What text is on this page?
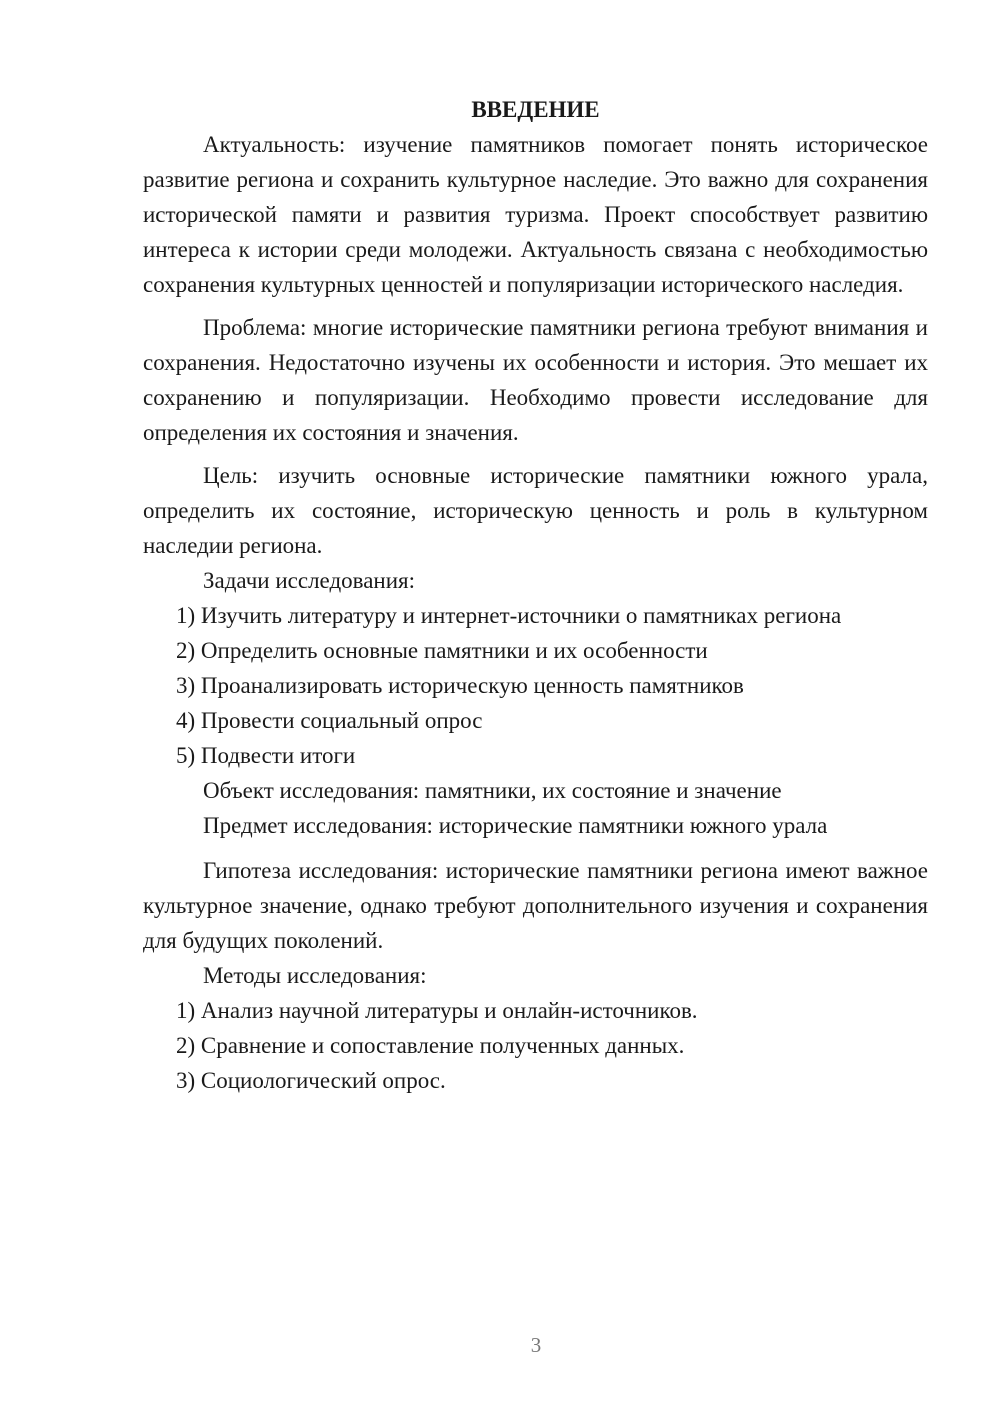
ВВЕДЕНИЕ

Актуальность: изучение памятников помогает понять историческое развитие региона и сохранить культурное наследие. Это важно для сохранения исторической памяти и развития туризма. Проект способствует развитию интереса к истории среди молодежи. Актуальность связана с необходимостью сохранения культурных ценностей и популяризации исторического наследия.

Проблема: многие исторические памятники региона требуют внимания и сохранения. Недостаточно изучены их особенности и история. Это мешает их сохранению и популяризации. Необходимо провести исследование для определения их состояния и значения.

Цель: изучить основные исторические памятники южного урала, определить их состояние, историческую ценность и роль в культурном наследии региона.

Задачи исследования:

1) Изучить литературу и интернет-источники о памятниках региона

2) Определить основные памятники и их особенности

3) Проанализировать историческую ценность памятников

4) Провести социальный опрос

5) Подвести итоги

Объект исследования: памятники, их состояние и значение

Предмет исследования: исторические памятники южного урала

Гипотеза исследования: исторические памятники региона имеют важное культурное значение, однако требуют дополнительного изучения и сохранения для будущих поколений.

Методы исследования:

1) Анализ научной литературы и онлайн-источников.

2) Сравнение и сопоставление полученных данных.

3) Социологический опрос.

3
